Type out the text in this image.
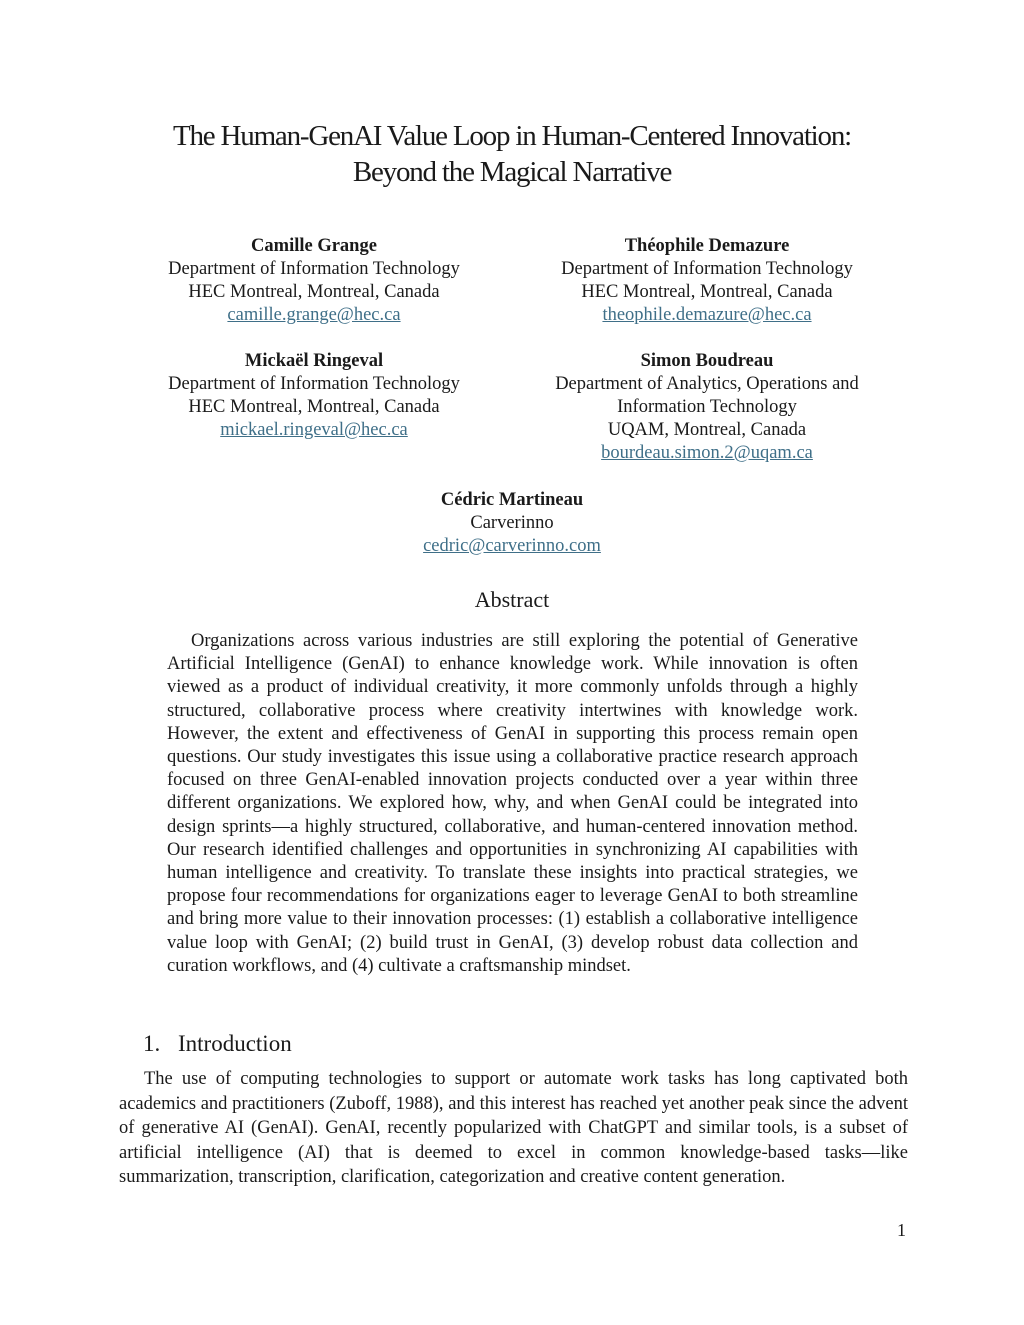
The Human-GenAI Value Loop in Human-Centered Innovation:
Beyond the Magical Narrative
Camille Grange
Department of Information Technology
HEC Montreal, Montreal, Canada
camille.grange@hec.ca
Théophile Demazure
Department of Information Technology
HEC Montreal, Montreal, Canada
theophile.demazure@hec.ca
Mickaël Ringeval
Department of Information Technology
HEC Montreal, Montreal, Canada
mickael.ringeval@hec.ca
Simon Boudreau
Department of Analytics, Operations and
Information Technology
UQAM, Montreal, Canada
bourdeau.simon.2@uqam.ca
Cédric Martineau
Carverinno
cedric@carverinno.com
Abstract
Organizations across various industries are still exploring the potential of Generative Artificial Intelligence (GenAI) to enhance knowledge work. While innovation is often viewed as a product of individual creativity, it more commonly unfolds through a highly structured, collaborative process where creativity intertwines with knowledge work. However, the extent and effectiveness of GenAI in supporting this process remain open questions. Our study investigates this issue using a collaborative practice research approach focused on three GenAI-enabled innovation projects conducted over a year within three different organizations. We explored how, why, and when GenAI could be integrated into design sprints—a highly structured, collaborative, and human-centered innovation method. Our research identified challenges and opportunities in synchronizing AI capabilities with human intelligence and creativity. To translate these insights into practical strategies, we propose four recommendations for organizations eager to leverage GenAI to both streamline and bring more value to their innovation processes: (1) establish a collaborative intelligence value loop with GenAI; (2) build trust in GenAI, (3) develop robust data collection and curation workflows, and (4) cultivate a craftsmanship mindset.
1. Introduction
The use of computing technologies to support or automate work tasks has long captivated both academics and practitioners (Zuboff, 1988), and this interest has reached yet another peak since the advent of generative AI (GenAI). GenAI, recently popularized with ChatGPT and similar tools, is a subset of artificial intelligence (AI) that is deemed to excel in common knowledge-based tasks—like summarization, transcription, clarification, categorization and creative content generation.
1
